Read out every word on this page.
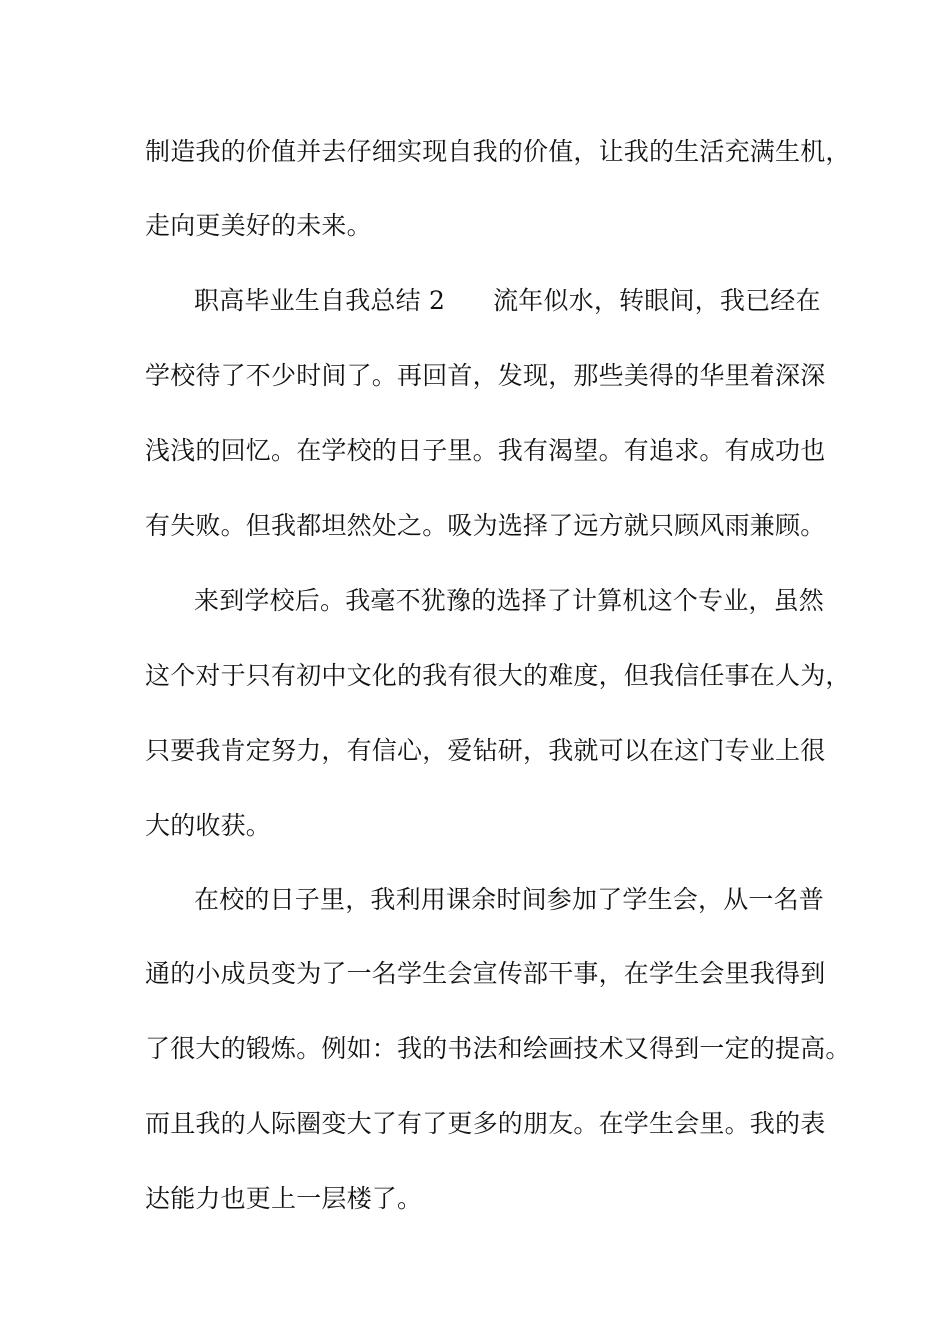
制造我的价值并去仔细实现自我的价值，让我的生活充满生机，
走向更美好的未来。
职高毕业生自我总结 2 流年似水，转眼间，我已经在
学校待了不少时间了。再回首，发现，那些美得的华里着深深
浅浅的回忆。在学校的日子里。我有渴望。有追求。有成功也
有失败。但我都坦然处之。吸为选择了远方就只顾风雨兼顾。
来到学校后。我毫不犹豫的选择了计算机这个专业，虽然
这个对于只有初中文化的我有很大的难度，但我信任事在人为，
只要我肯定努力，有信心，爱钻研，我就可以在这门专业上很
大的收获。
在校的日子里，我利用课余时间参加了学生会，从一名普
通的小成员变为了一名学生会宣传部干事，在学生会里我得到
了很大的锻炼。例如：我的书法和绘画技术又得到一定的提高。
而且我的人际圈变大了有了更多的朋友。在学生会里。我的表
达能力也更上一层楼了。
